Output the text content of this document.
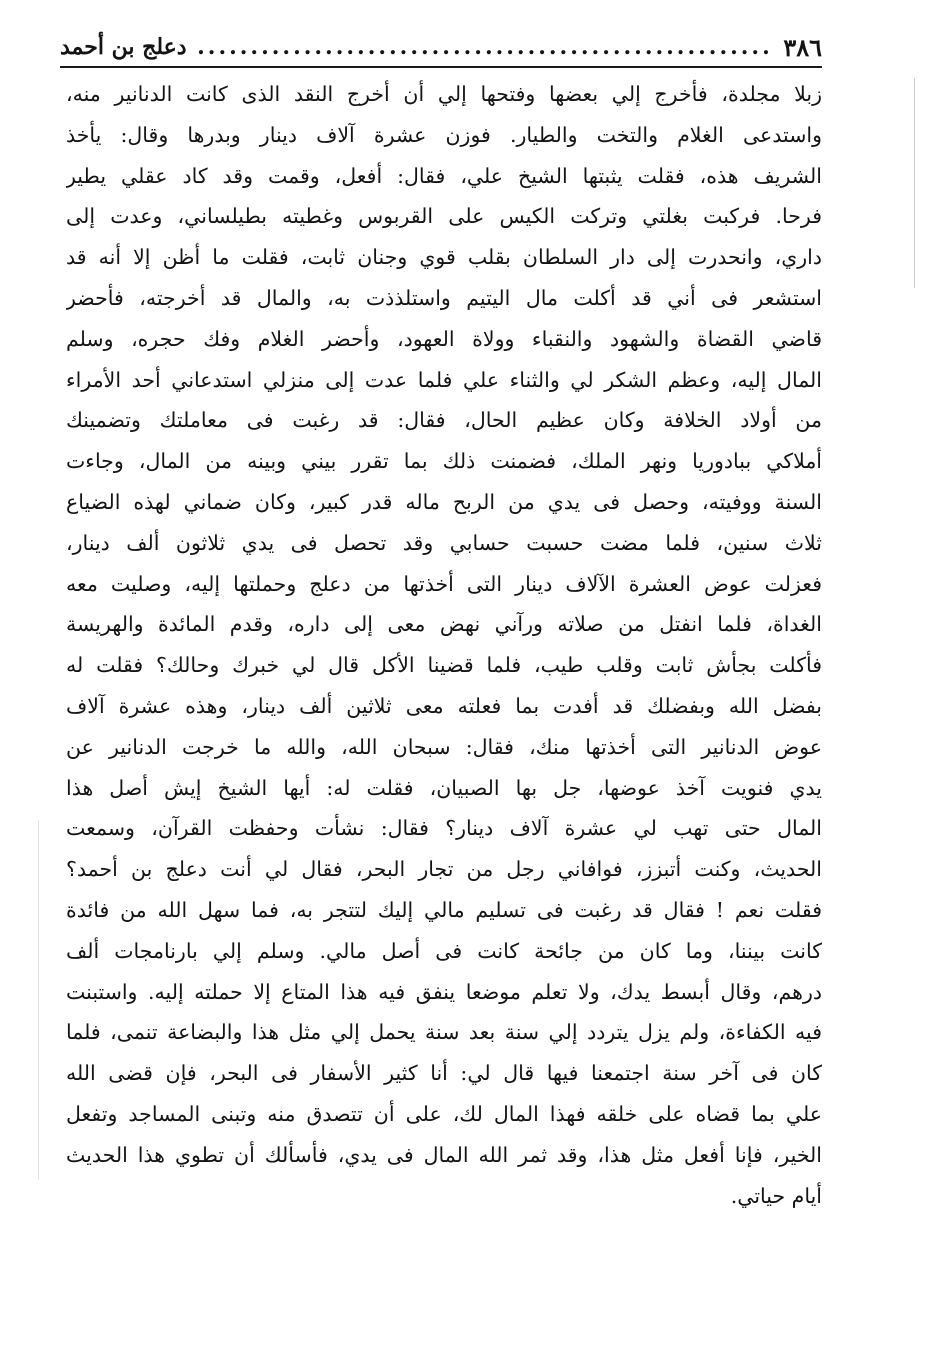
٣٨٦
......................................................
دعلج بن أحمد
زبلا مجلدة، فأخرج إلي بعضها وفتحها إلي أن أخرج النقد الذى كانت الدنانير منه،
واستدعى الغلام والتخت والطيار. فوزن عشرة آلاف دينار وبدرها وقال: يأخذ
الشريف هذه، فقلت يثبتها الشيخ علي، فقال: أفعل، وقمت وقد كاد عقلي يطير
فرحا. فركبت بغلتي وتركت الكيس على القربوس وغطيته بطيلساني، وعدت إلى
داري، وانحدرت إلى دار السلطان بقلب قوي وجنان ثابت، فقلت ما أظن إلا أنه قد
استشعر فى أني قد أكلت مال اليتيم واستلذذت به، والمال قد أخرجته، فأحضر
قاضي القضاة والشهود والنقباء وولاة العهود، وأحضر الغلام وفك حجره، وسلم
المال إليه، وعظم الشكر لي والثناء علي فلما عدت إلى منزلي استدعاني أحد الأمراء
من أولاد الخلافة وكان عظيم الحال، فقال: قد رغبت فى معاملتك وتضمينك
أملاكي ببادوريا ونهر الملك، فضمنت ذلك بما تقرر بيني وبينه من المال، وجاءت
السنة ووفيته، وحصل فى يدي من الربح ماله قدر كبير، وكان ضماني لهذه الضياع
ثلاث سنين، فلما مضت حسبت حسابي وقد تحصل فى يدي ثلاثون ألف دينار،
فعزلت عوض العشرة الآلاف دينار التى أخذتها من دعلج وحملتها إليه، وصليت معه
الغداة، فلما انفتل من صلاته ورآني نهض معى إلى داره، وقدم المائدة والهريسة
فأكلت بجأش ثابت وقلب طيب، فلما قضينا الأكل قال لي خبرك وحالك؟ فقلت له
بفضل الله وبفضلك قد أفدت بما فعلته معى ثلاثين ألف دينار، وهذه عشرة آلاف
عوض الدنانير التى أخذتها منك، فقال: سبحان الله، والله ما خرجت الدنانير عن
يدي فنويت آخذ عوضها، جل بها الصبيان، فقلت له: أيها الشيخ إيش أصل هذا
المال حتى تهب لي عشرة آلاف دينار؟ فقال: نشأت وحفظت القرآن، وسمعت
الحديث، وكنت أتبزز، فوافاني رجل من تجار البحر، فقال لي أنت دعلج بن أحمد؟
فقلت نعم ! فقال قد رغبت فى تسليم مالي إليك لتتجر به، فما سهل الله من فائدة
كانت بيننا، وما كان من جائحة كانت فى أصل مالي. وسلم إلي بارنامجات ألف
درهم، وقال أبسط يدك، ولا تعلم موضعا ينفق فيه هذا المتاع إلا حملته إليه. واستبنت
فيه الكفاءة، ولم يزل يتردد إلي سنة بعد سنة يحمل إلي مثل هذا والبضاعة تنمى، فلما
كان فى آخر سنة اجتمعنا فيها قال لي: أنا كثير الأسفار فى البحر، فإن قضى الله
علي بما قضاه على خلقه فهذا المال لك، على أن تتصدق منه وتبنى المساجد وتفعل
الخير، فإنا أفعل مثل هذا، وقد ثمر الله المال فى يدي، فأسألك أن تطوي هذا الحديث
أيام حياتي.
